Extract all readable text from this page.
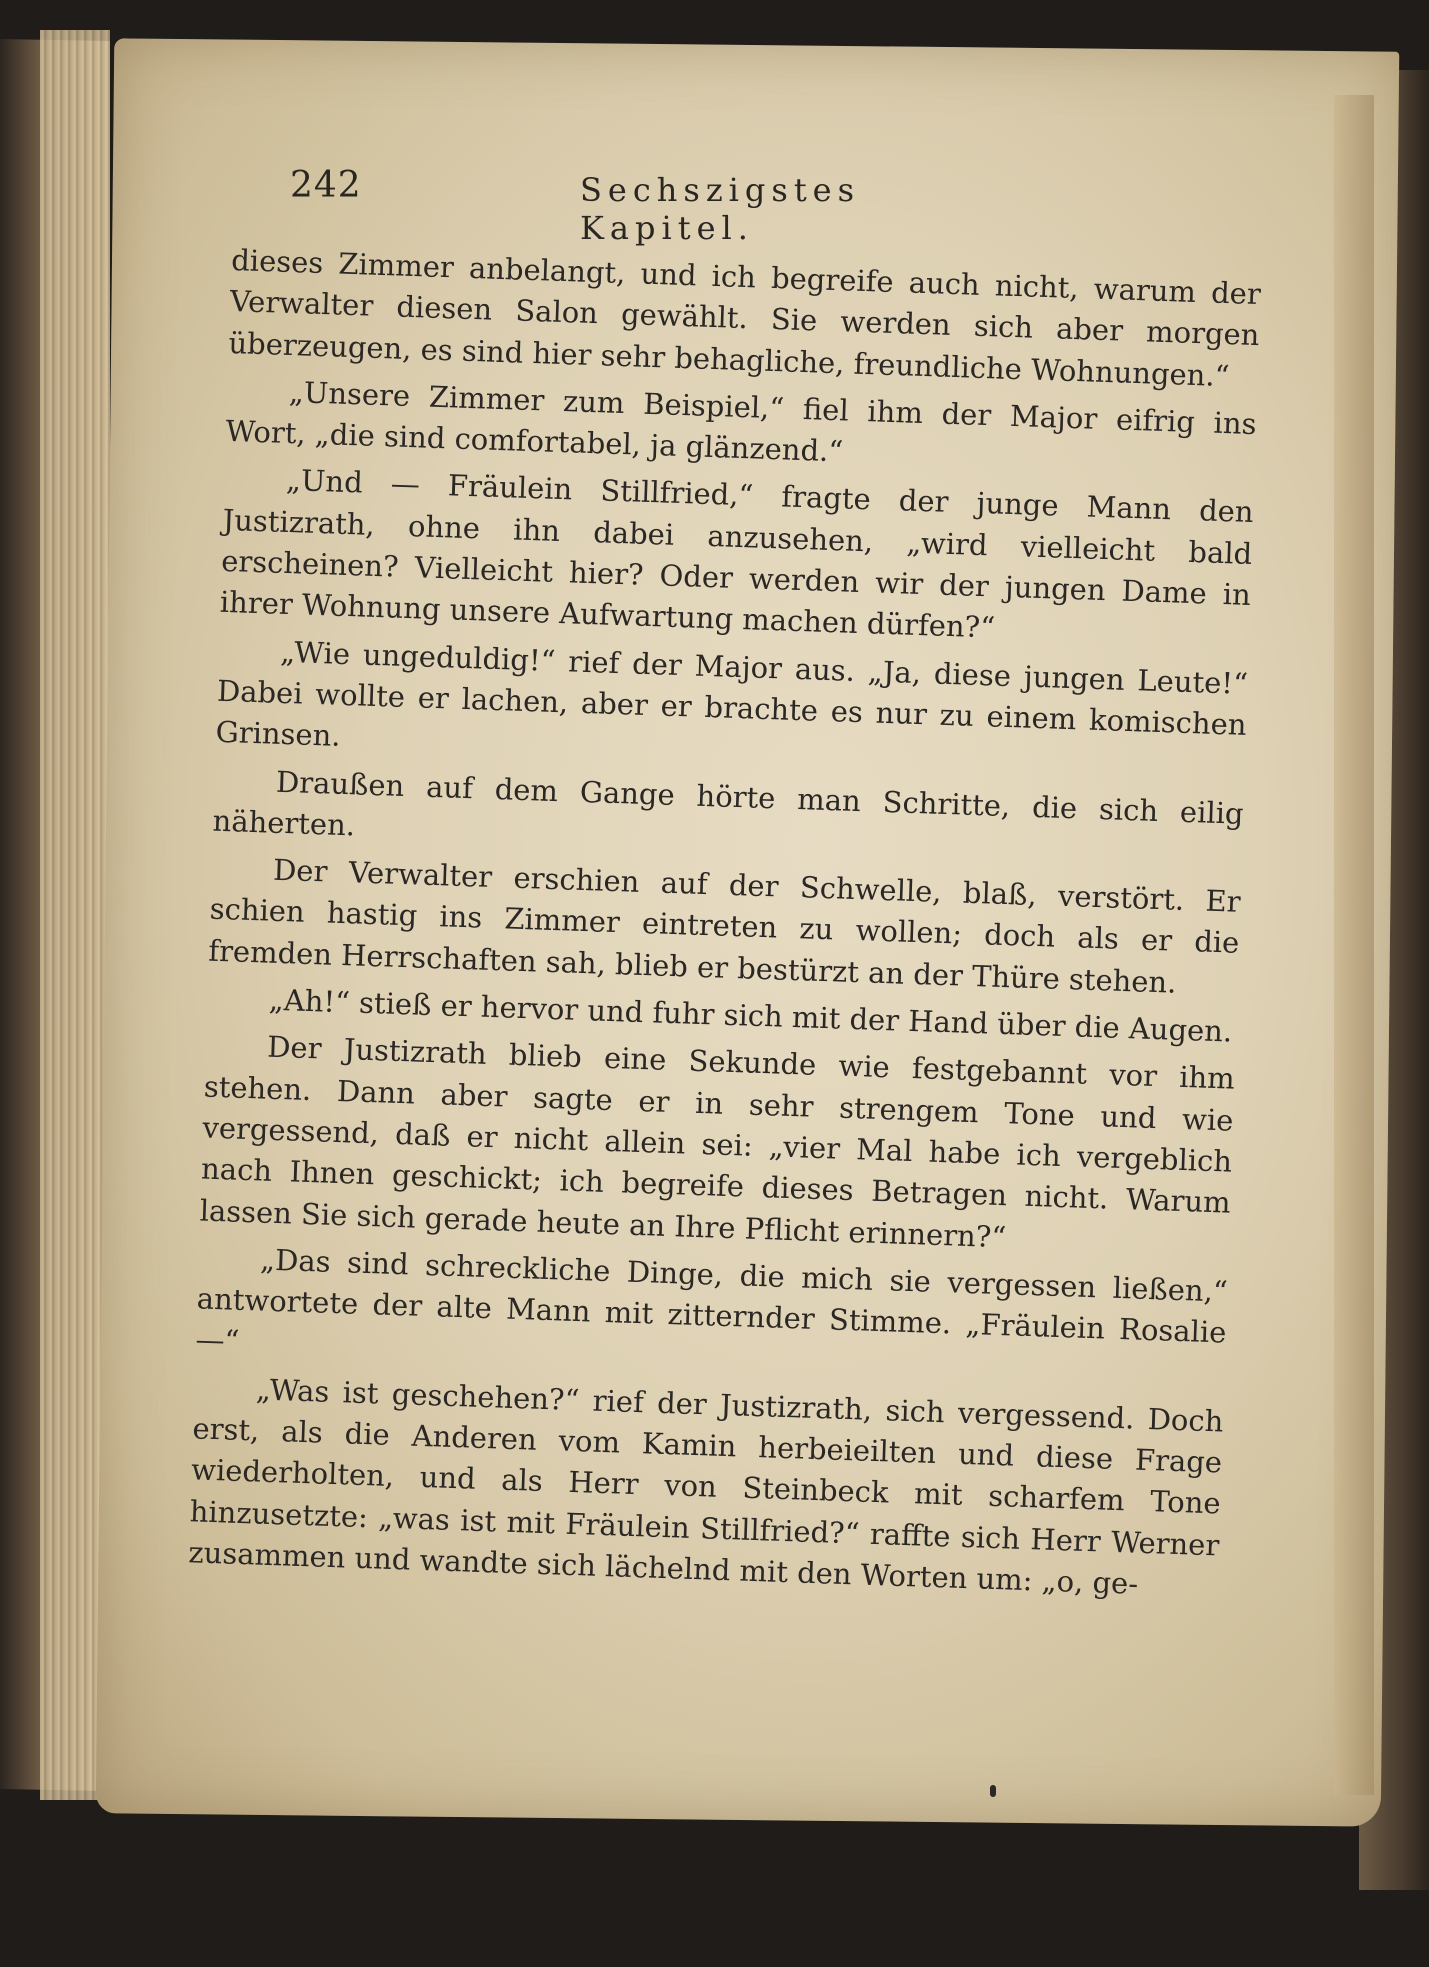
242	Sechszigstes Kapitel.

dieses Zimmer anbelangt, und ich begreife auch nicht, warum der Verwalter diesen Salon gewählt. Sie werden sich aber morgen überzeugen, es sind hier sehr behagliche, freundliche Wohnungen.“

„Unsere Zimmer zum Beispiel,“ fiel ihm der Major eifrig ins Wort, „die sind comfortabel, ja glänzend.“

„Und — Fräulein Stillfried,“ fragte der junge Mann den Justizrath, ohne ihn dabei anzusehen, „wird vielleicht bald erscheinen? Vielleicht hier? Oder werden wir der jungen Dame in ihrer Wohnung unsere Aufwartung machen dürfen?“

„Wie ungeduldig!“ rief der Major aus. „Ja, diese jungen Leute!“ Dabei wollte er lachen, aber er brachte es nur zu einem komischen Grinsen.

Draußen auf dem Gange hörte man Schritte, die sich eilig näherten.

Der Verwalter erschien auf der Schwelle, blaß, verstört. Er schien hastig ins Zimmer eintreten zu wollen; doch als er die fremden Herrschaften sah, blieb er bestürzt an der Thüre stehen.

„Ah!“ stieß er hervor und fuhr sich mit der Hand über die Augen.

Der Justizrath blieb eine Sekunde wie festgebannt vor ihm stehen. Dann aber sagte er in sehr strengem Tone und wie vergessend, daß er nicht allein sei: „vier Mal habe ich vergeblich nach Ihnen geschickt; ich begreife dieses Betragen nicht. Warum lassen Sie sich gerade heute an Ihre Pflicht erinnern?“

„Das sind schreckliche Dinge, die mich sie vergessen ließen,“ antwortete der alte Mann mit zitternder Stimme. „Fräulein Rosalie —“

„Was ist geschehen?“ rief der Justizrath, sich vergessend. Doch erst, als die Anderen vom Kamin herbeieilten und diese Frage wiederholten, und als Herr von Steinbeck mit scharfem Tone hinzusetzte: „was ist mit Fräulein Stillfried?“ raffte sich Herr Werner zusammen und wandte sich lächelnd mit den Worten um: „o, ge-
